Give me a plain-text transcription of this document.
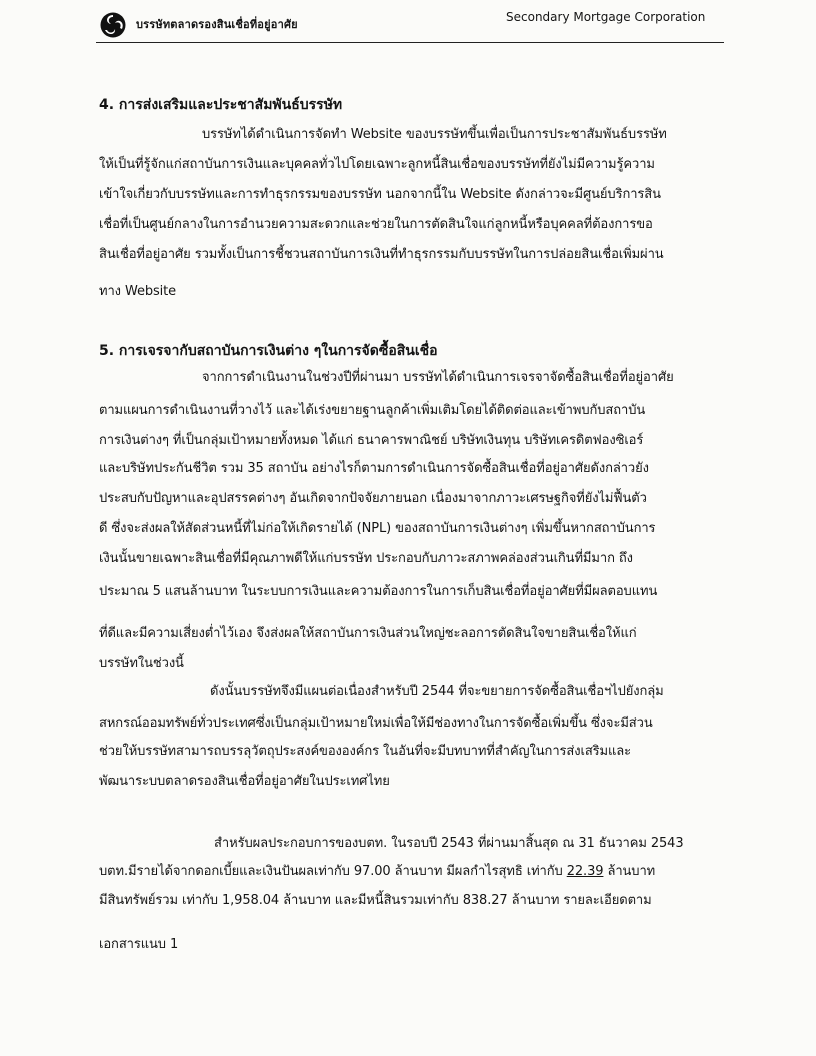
บรรษัทตลาดรองสินเชื่อที่อยู่อาศัย
Secondary Mortgage Corporation
4. การส่งเสริมและประชาสัมพันธ์บรรษัท
บรรษัทได้ดำเนินการจัดทำ Website ของบรรษัทขึ้นเพื่อเป็นการประชาสัมพันธ์บรรษัท
ให้เป็นที่รู้จักแก่สถาบันการเงินและบุคคลทั่วไปโดยเฉพาะลูกหนี้สินเชื่อของบรรษัทที่ยังไม่มีความรู้ความ
เข้าใจเกี่ยวกับบรรษัทและการทำธุรกรรมของบรรษัท นอกจากนี้ใน Website ดังกล่าวจะมีศูนย์บริการสิน
เชื่อที่เป็นศูนย์กลางในการอำนวยความสะดวกและช่วยในการตัดสินใจแก่ลูกหนี้หรือบุคคลที่ต้องการขอ
สินเชื่อที่อยู่อาศัย รวมทั้งเป็นการชี้ชวนสถาบันการเงินที่ทำธุรกรรมกับบรรษัทในการปล่อยสินเชื่อเพิ่มผ่าน
ทาง Website
5. การเจรจากับสถาบันการเงินต่าง ๆในการจัดซื้อสินเชื่อ
จากการดำเนินงานในช่วงปีที่ผ่านมา บรรษัทได้ดำเนินการเจรจาจัดซื้อสินเชื่อที่อยู่อาศัย
ตามแผนการดำเนินงานที่วางไว้ และได้เร่งขยายฐานลูกค้าเพิ่มเติมโดยได้ติดต่อและเข้าพบกับสถาบัน
การเงินต่างๆ ที่เป็นกลุ่มเป้าหมายทั้งหมด ได้แก่ ธนาคารพาณิชย์ บริษัทเงินทุน บริษัทเครดิตฟองซิเอร์
และบริษัทประกันชีวิต รวม 35 สถาบัน อย่างไรก็ตามการดำเนินการจัดซื้อสินเชื่อที่อยู่อาศัยดังกล่าวยัง
ประสบกับปัญหาและอุปสรรคต่างๆ อันเกิดจากปัจจัยภายนอก เนื่องมาจากภาวะเศรษฐกิจที่ยังไม่ฟื้นตัว
ดี ซึ่งจะส่งผลให้สัดส่วนหนี้ที่ไม่ก่อให้เกิดรายได้ (NPL) ของสถาบันการเงินต่างๆ เพิ่มขึ้นหากสถาบันการ
เงินนั้นขายเฉพาะสินเชื่อที่มีคุณภาพดีให้แก่บรรษัท ประกอบกับภาวะสภาพคล่องส่วนเกินที่มีมาก ถึง
ประมาณ 5 แสนล้านบาท ในระบบการเงินและความต้องการในการเก็บสินเชื่อที่อยู่อาศัยที่มีผลตอบแทน
ที่ดีและมีความเสี่ยงต่ำไว้เอง จึงส่งผลให้สถาบันการเงินส่วนใหญ่ชะลอการตัดสินใจขายสินเชื่อให้แก่
บรรษัทในช่วงนี้
ดังนั้นบรรษัทจึงมีแผนต่อเนื่องสำหรับปี 2544 ที่จะขยายการจัดซื้อสินเชื่อฯไปยังกลุ่ม
สหกรณ์ออมทรัพย์ทั่วประเทศซึ่งเป็นกลุ่มเป้าหมายใหม่เพื่อให้มีช่องทางในการจัดซื้อเพิ่มขึ้น ซึ่งจะมีส่วน
ช่วยให้บรรษัทสามารถบรรลุวัตถุประสงค์ขององค์กร ในอันที่จะมีบทบาทที่สำคัญในการส่งเสริมและ
พัฒนาระบบตลาดรองสินเชื่อที่อยู่อาศัยในประเทศไทย
สำหรับผลประกอบการของบตท. ในรอบปี 2543 ที่ผ่านมาสิ้นสุด ณ 31 ธันวาคม 2543
บตท.มีรายได้จากดอกเบี้ยและเงินปันผลเท่ากับ 97.00 ล้านบาท มีผลกำไรสุทธิ เท่ากับ 22.39 ล้านบาท
มีสินทรัพย์รวม เท่ากับ 1,958.04 ล้านบาท และมีหนี้สินรวมเท่ากับ 838.27 ล้านบาท รายละเอียดตาม
เอกสารแนบ 1
